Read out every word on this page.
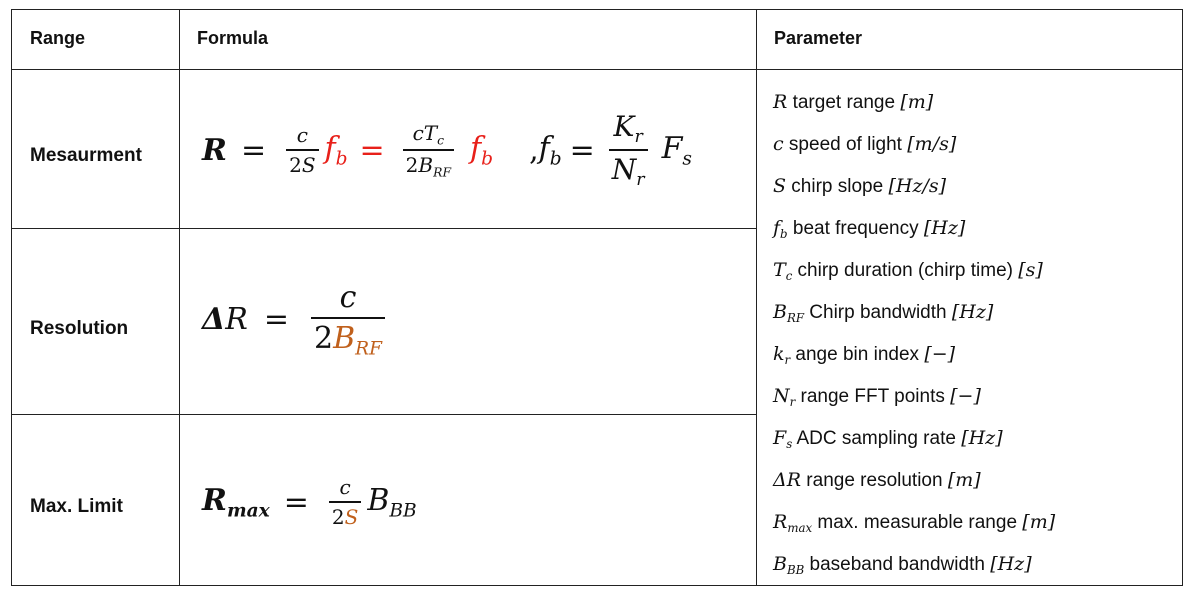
Range	Formula	Parameter
Mesaurment
Resolution
Max. Limit
$R = \frac{c}{2S} f_b = \frac{cT_c}{2B_{RF}} f_b$ , $f_b = \frac{K_r}{N_r} F_s$
Δ $R = \frac{c}{2B_{RF}}$
$R_{max} = \frac{c}{2S} B_{BB}$
R target range [m]
c speed of light [m/s]
S chirp slope [Hz/s]
$f_b$ beat frequency [Hz]
$T_c$ chirp duration (chirp time) [s]
$B_{RF}$ Chirp bandwidth [Hz]
$k_r$ ange bin index [−]
$N_r$ range FFT points [−]
$F_s$ ADC sampling rate [Hz]
ΔR range resolution [m]
$R_{max}$ max. measurable range [m]
$B_{BB}$ baseband bandwidth [Hz]
